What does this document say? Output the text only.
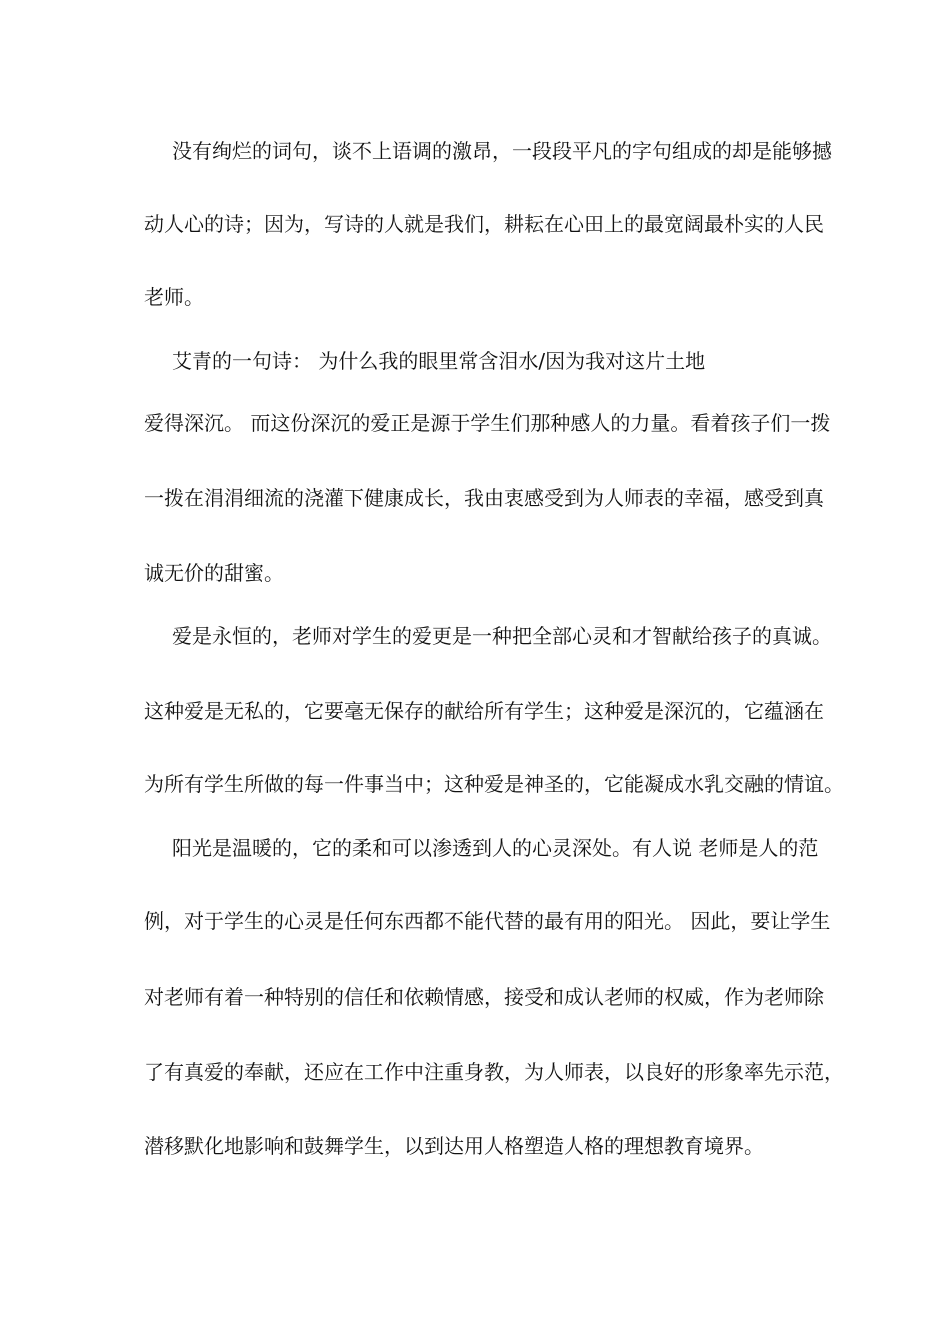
没有绚烂的词句，谈不上语调的激昂，一段段平凡的字句组成的却是能够撼

动人心的诗；因为，写诗的人就是我们，耕耘在心田上的最宽阔最朴实的人民

老师。

艾青的一句诗： 为什么我的眼里常含泪水/因为我对这片土地

爱得深沉。 而这份深沉的爱正是源于学生们那种感人的力量。看着孩子们一拨

一拨在涓涓细流的浇灌下健康成长，我由衷感受到为人师表的幸福，感受到真

诚无价的甜蜜。

爱是永恒的，老师对学生的爱更是一种把全部心灵和才智献给孩子的真诚。

这种爱是无私的，它要毫无保存的献给所有学生；这种爱是深沉的，它蕴涵在

为所有学生所做的每一件事当中；这种爱是神圣的，它能凝成水乳交融的情谊。

阳光是温暖的，它的柔和可以渗透到人的心灵深处。有人说 老师是人的范

例，对于学生的心灵是任何东西都不能代替的最有用的阳光。 因此，要让学生

对老师有着一种特别的信任和依赖情感，接受和成认老师的权威，作为老师除

了有真爱的奉献，还应在工作中注重身教，为人师表，以良好的形象率先示范，

潜移默化地影响和鼓舞学生，以到达用人格塑造人格的理想教育境界。
